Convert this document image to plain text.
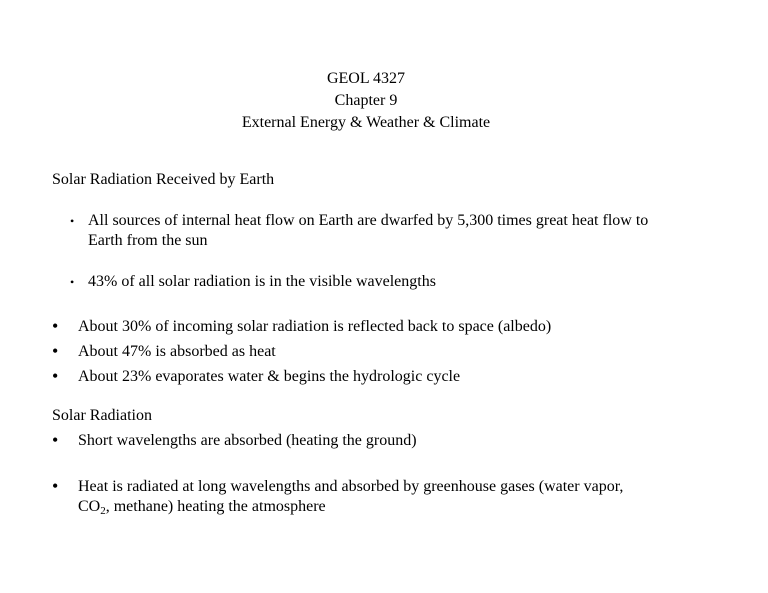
GEOL 4327
Chapter 9
External Energy & Weather & Climate
Solar Radiation Received by Earth
• All sources of internal heat flow on Earth are dwarfed by 5,300 times great heat flow to Earth from the sun
• 43% of all solar radiation is in the visible wavelengths
• About 30% of incoming solar radiation is reflected back to space (albedo)
• About 47% is absorbed as heat
• About 23% evaporates water & begins the hydrologic cycle
Solar Radiation
• Short wavelengths are absorbed (heating the ground)
• Heat is radiated at long wavelengths and absorbed by greenhouse gases (water vapor,
$CO_2$, methane) heating the atmosphere
